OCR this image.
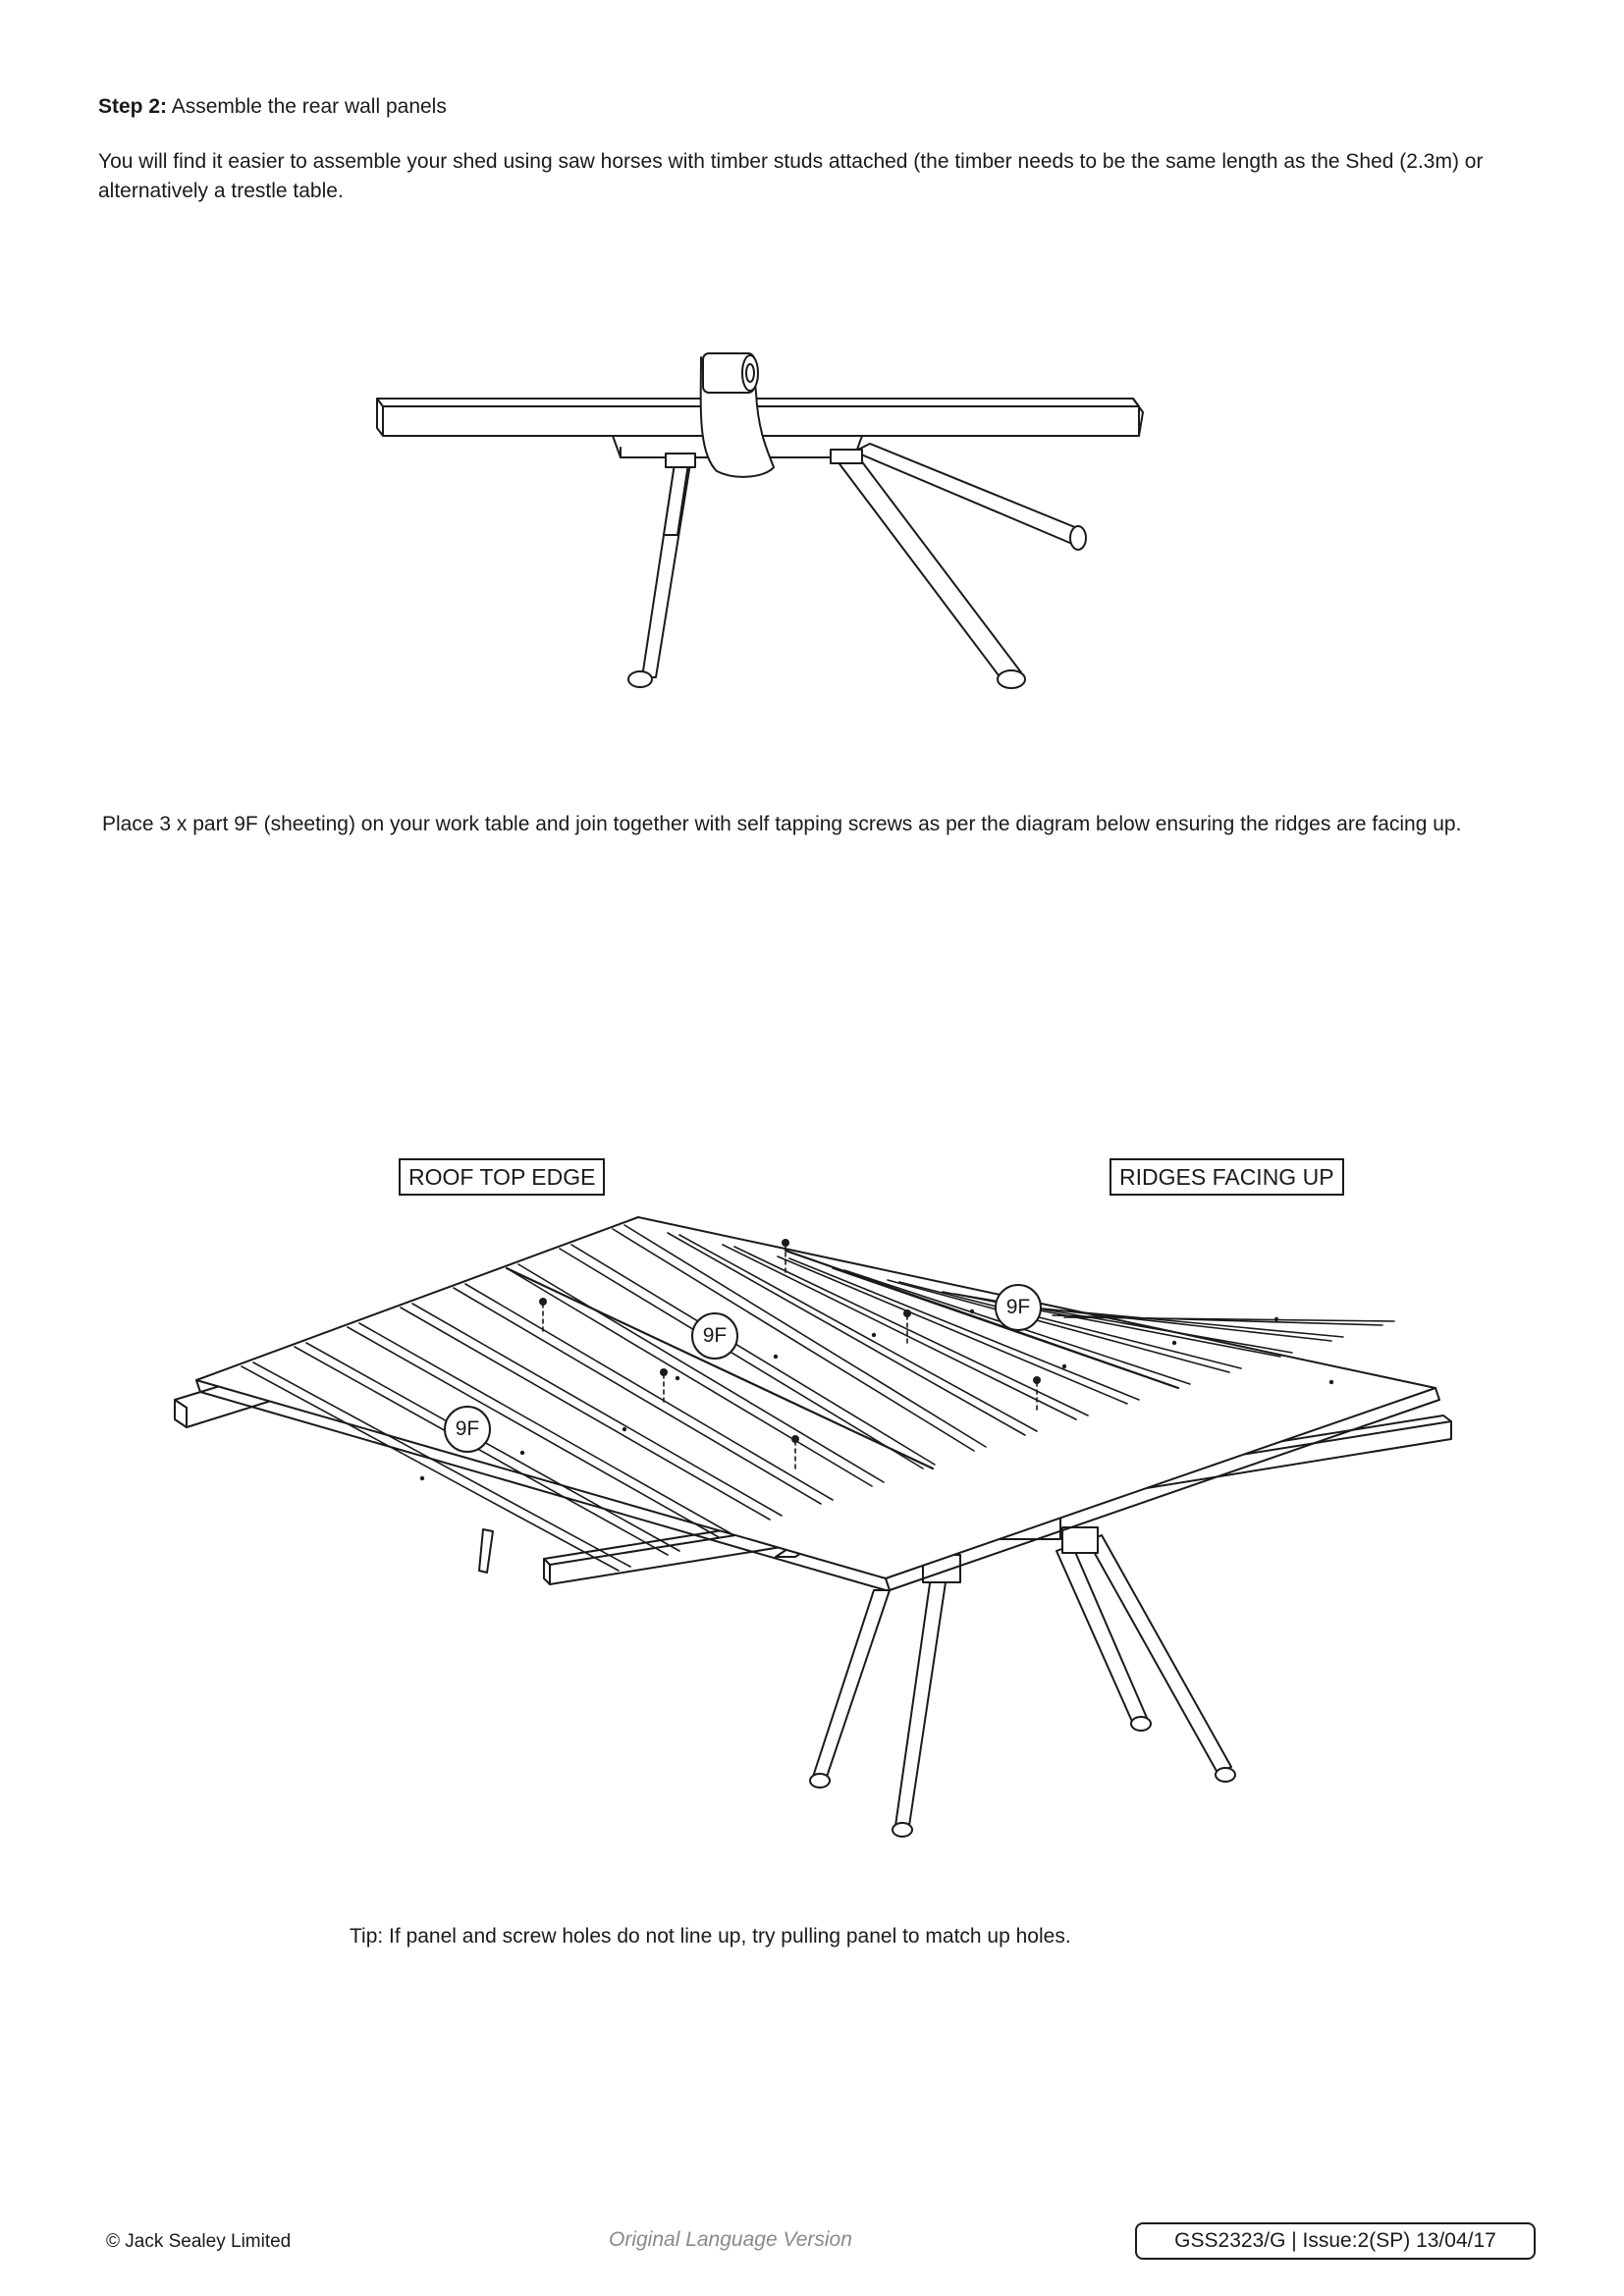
Step 2: Assemble the rear wall panels
You will find it easier to assemble your shed using saw horses with timber studs attached (the timber needs to be the same length as the Shed (2.3m) or alternatively a trestle table.
Place 3 x part 9F (sheeting) on your work table and join together with self tapping screws as per the diagram below ensuring the ridges are facing up.
ROOF TOP EDGE	RIDGES FACING UP
9F
9F
9F
Tip: If panel and screw holes do not line up, try pulling panel to match up holes.
© Jack Sealey Limited	Original Language Version	GSS2323/G | Issue:2(SP) 13/04/17
